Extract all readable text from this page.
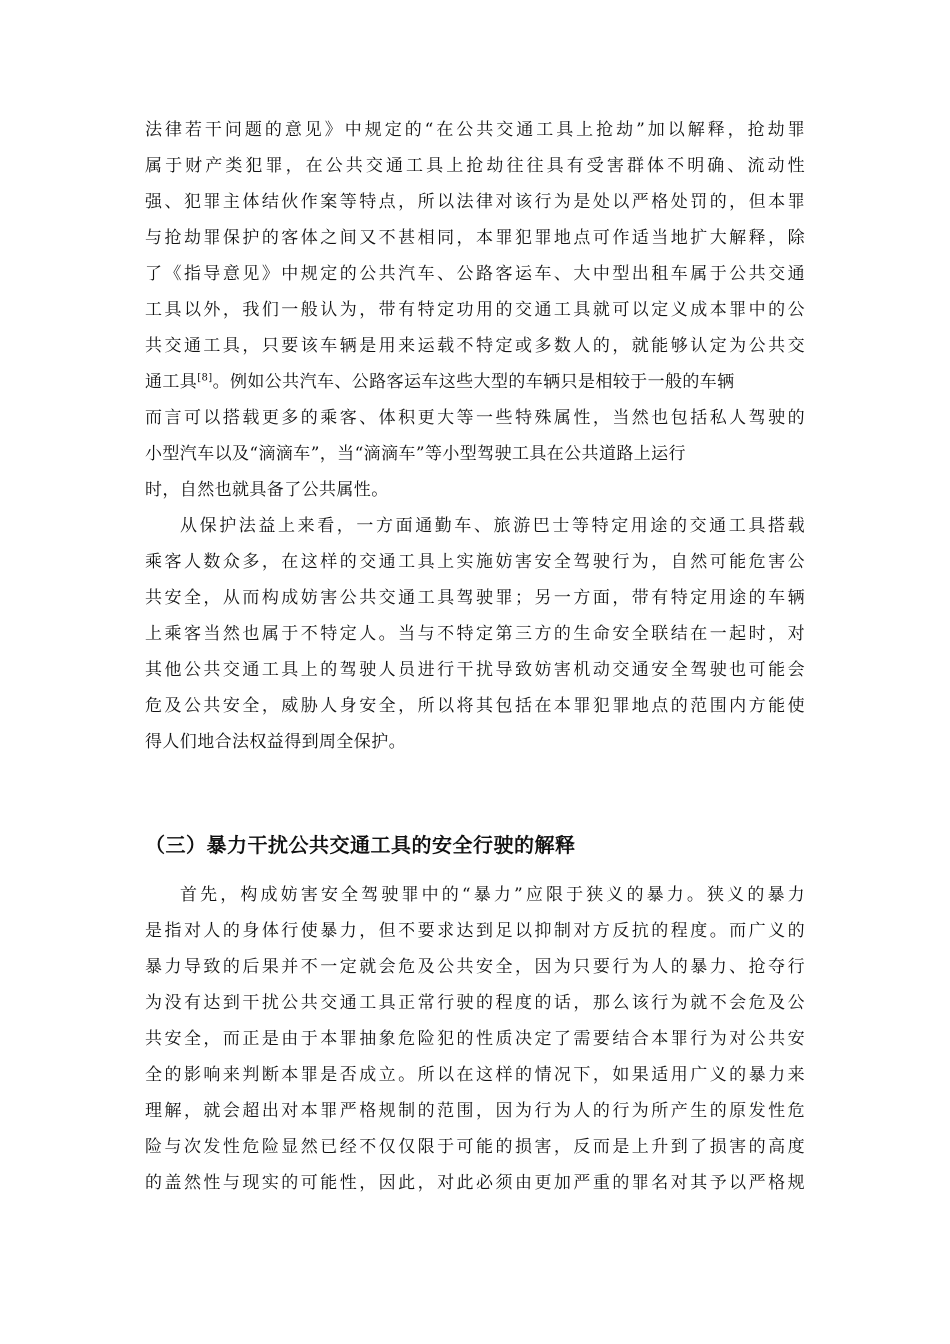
法律若干问题的意见》中规定的“在公共交通工具上抢劫”加以解释，抢劫罪
属于财产类犯罪，在公共交通工具上抢劫往往具有受害群体不明确、流动性
强、犯罪主体结伙作案等特点，所以法律对该行为是处以严格处罚的，但本罪
与抢劫罪保护的客体之间又不甚相同，本罪犯罪地点可作适当地扩大解释，除
了《指导意见》中规定的公共汽车、公路客运车、大中型出租车属于公共交通
工具以外，我们一般认为，带有特定功用的交通工具就可以定义成本罪中的公
共交通工具，只要该车辆是用来运载不特定或多数人的，就能够认定为公共交
通工具[8]。例如公共汽车、公路客运车这些大型的车辆只是相较于一般的车辆
而言可以搭载更多的乘客、体积更大等一些特殊属性，当然也包括私人驾驶的
小型汽车以及“滴滴车”，当“滴滴车”等小型驾驶工具在公共道路上运行
时，自然也就具备了公共属性。
从保护法益上来看，一方面通勤车、旅游巴士等特定用途的交通工具搭载
乘客人数众多，在这样的交通工具上实施妨害安全驾驶行为，自然可能危害公
共安全，从而构成妨害公共交通工具驾驶罪；另一方面，带有特定用途的车辆
上乘客当然也属于不特定人。当与不特定第三方的生命安全联结在一起时，对
其他公共交通工具上的驾驶人员进行干扰导致妨害机动交通安全驾驶也可能会
危及公共安全，威胁人身安全，所以将其包括在本罪犯罪地点的范围内方能使
得人们地合法权益得到周全保护。
（三）暴力干扰公共交通工具的安全行驶的解释
首先，构成妨害安全驾驶罪中的“暴力”应限于狭义的暴力。狭义的暴力
是指对人的身体行使暴力，但不要求达到足以抑制对方反抗的程度。而广义的
暴力导致的后果并不一定就会危及公共安全，因为只要行为人的暴力、抢夺行
为没有达到干扰公共交通工具正常行驶的程度的话，那么该行为就不会危及公
共安全，而正是由于本罪抽象危险犯的性质决定了需要结合本罪行为对公共安
全的影响来判断本罪是否成立。所以在这样的情况下，如果适用广义的暴力来
理解，就会超出对本罪严格规制的范围，因为行为人的行为所产生的原发性危
险与次发性危险显然已经不仅仅限于可能的损害，反而是上升到了损害的高度
的盖然性与现实的可能性，因此，对此必须由更加严重的罪名对其予以严格规
